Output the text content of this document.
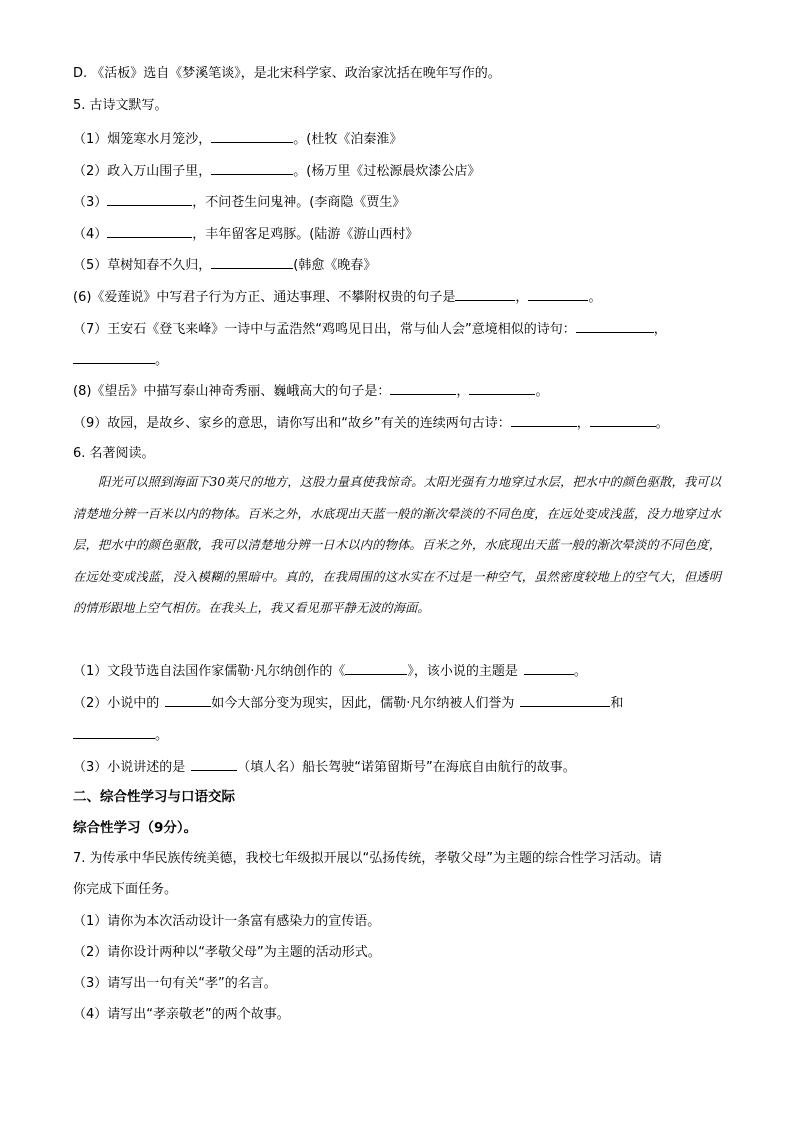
D. 《活板》选自《梦溪笔谈》，是北宋科学家、政治家沈括在晚年写作的。
5. 古诗文默写。
（1）烟笼寒水月笼沙，	。(杜牧《泊秦淮》
（2）政入万山围子里，	。(杨万里《过松源晨炊漆公店》
（3）	，不问苍生问鬼神。(李商隐《贾生》
（4）	，丰年留客足鸡豚。(陆游《游山西村》
（5）草树知春不久归，	(韩愈《晚春》
(6)《爱莲说》中写君子行为方正、通达事理、不攀附权贵的句子是	，	。
（7）王安石《登飞来峰》一诗中与孟浩然“鸡鸣见日出，常与仙人会”意境相似的诗句：	，
。
(8)《望岳》中描写泰山神奇秀丽、巍峨高大的句子是：	，	。
（9）故园，是故乡、家乡的意思，请你写出和“故乡”有关的连续两句古诗：	，	。
6. 名著阅读。
阳光可以照到海面下30英尺的地方，这股力量真使我惊奇。太阳光强有力地穿过水层，把水中的颜色驱散，我可以清楚地分辨一百米以内的物体。百米之外，水底现出天蓝一般的渐次晕淡的不同色度，在远处变成浅蓝，没力地穿过水层，把水中的颜色驱散，我可以清楚地分辨一日木以内的物体。百米之外，水底现出天蓝一般的渐次晕淡的不同色度，在远处变成浅蓝，没入模糊的黑暗中。真的，在我周围的这水实在不过是一种空气，虽然密度较地上的空气大，但透明的情形跟地上空气相仿。在我头上，我又看见那平静无波的海面。
（1）文段节选自法国作家儒勒·凡尔纳创作的《	》，该小说的主题是	。
（2）小说中的	如今大部分变为现实，因此，儒勒·凡尔纳被人们誉为	和
。
（3）小说讲述的是	（填人名）船长驾驶“诺第留斯号”在海底自由航行的故事。
二、综合性学习与口语交际
综合性学习（9分）。
7. 为传承中华民族传统美德，我校七年级拟开展以“弘扬传统，孝敬父母”为主题的综合性学习活动。请
你完成下面任务。
（1）请你为本次活动设计一条富有感染力的宣传语。
（2）请你设计两种以“孝敬父母”为主题的活动形式。
（3）请写出一句有关“孝”的名言。
（4）请写出“孝亲敬老”的两个故事。
